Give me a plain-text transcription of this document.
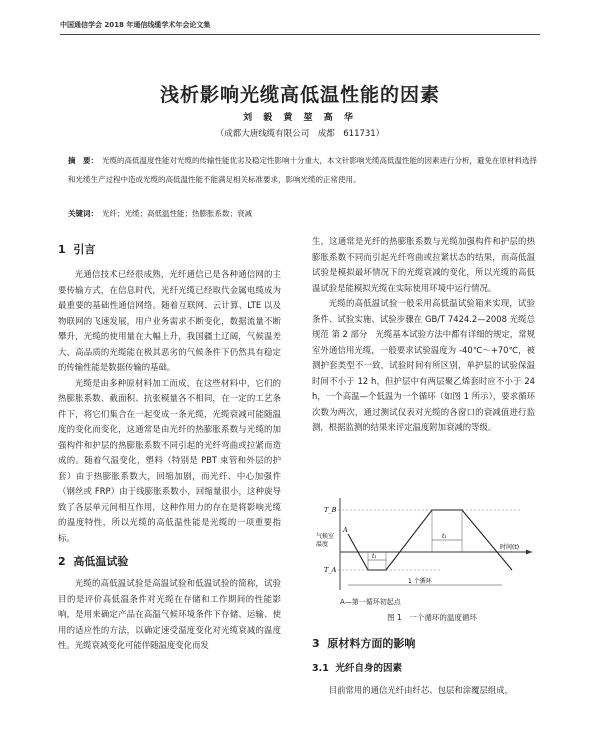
中国通信学会 2018 年通信线缆学术年会论文集
浅析影响光缆高低温性能的因素
刘 毅 黄 堃 高 华
（成都大唐线缆有限公司　成都　611731）
摘　要： 光缆的高低温度性能对光缆的传输性能优劣及稳定性影响十分重大，本文针影响光缆高低温性能的因素进行分析，避免在原材料选择和光缆生产过程中造成光缆的高低温性能不能满足相关标准要求，影响光缆的正常使用。
关键词： 光纤；光缆；高低温性能；热膨胀系数；衰减
1 引言

光通信技术已经很成熟，光纤通信已是各种通信网的主要传输方式，在信息时代，光纤光缆已经取代金属电缆成为最重要的基础性通信网络。随着互联网、云计算、LTE 以及物联网的飞速发展，用户业务需求不断变化，数据流量不断攀升，光缆的使用量在大幅上升，我国疆土辽阔，气候温差大，高品质的光缆能在极其恶劣的气候条件下仍然具有稳定的传输性能是数据传输的基础。

光缆是由多种原材料加工而成，在这些材料中，它们的热膨胀系数、截面积、抗张模量各不相同，在一定的工艺条件下，将它们集合在一起变成一条光缆，光缆衰减可能随温度的变化而变化，这通常是由光纤的热膨胀系数与光缆的加强构件和护层的热膨胀系数不同引起的光纤弯曲或拉紧而造成的。随着气温变化，塑料（特别是 PBT 束管和外层的护套）由于热膨胀系数大，回缩加剧，而光纤、中心加强件（钢丝或 FRP）由于线膨胀系数小，回缩量很小，这种旋导致了各层单元间相互作用，这种作用力的存在是将影响光缆的温度特性，所以光缆的高低温性能是光缆的一项重要指标。

2 高低温试验

光缆的高低温试验是高温试验和低温试验的简称，试验目的是评价高低温条件对光缆在存储和工作期间的性能影响，是用来确定产品在高温气候环境条件下存储、运输、使用的适应性的方法，以确定速受温度变化对光缆衰减的温度性。光缆衰减变化可能伴随温度变化而发

生，这通常是光纤的热膨胀系数与光缆加强构件和护层的热膨胀系数不同而引起光纤弯曲或拉紧状态的结果，而高低温试验是模拟最坏情况下的光缆衰减的变化，所以光缆的高低温试验是能模拟光缆在实际使用环境中运行情况。

光缆的高低温试验一般采用高低温试验箱来实现，试验条件、试验实施、试验步骤在 GB/T 7424.2—2008 光缆总规范 第 2 部分　光缆基本试验方法中都有详细的规定，常规室外通信用光缆，一般要求试验温度为 -40℃～+70℃，被测护套类型不一致，试验时间有所区别，单护层的试验保温时间不小于 12 h，但护层中有两层聚乙烯套时应不小于 24 h，一个高温—个低温为一个循环（如图 1 所示），要求循环次数为两次，通过测试仪表对光缆的各窗口的衰减值进行监测，根据监测的结果来评定温度附加衰减的等级。

气候室
温度
T_B
T_A
A
t₁
t₁
时间(t)
1 个循环
A—第一循环初起点
图 1　一个循环的温度循环
3 原材料方面的影响
3.1 光纤自身的因素

目前常用的通信光纤由纤芯、包层和涂覆层组成，
